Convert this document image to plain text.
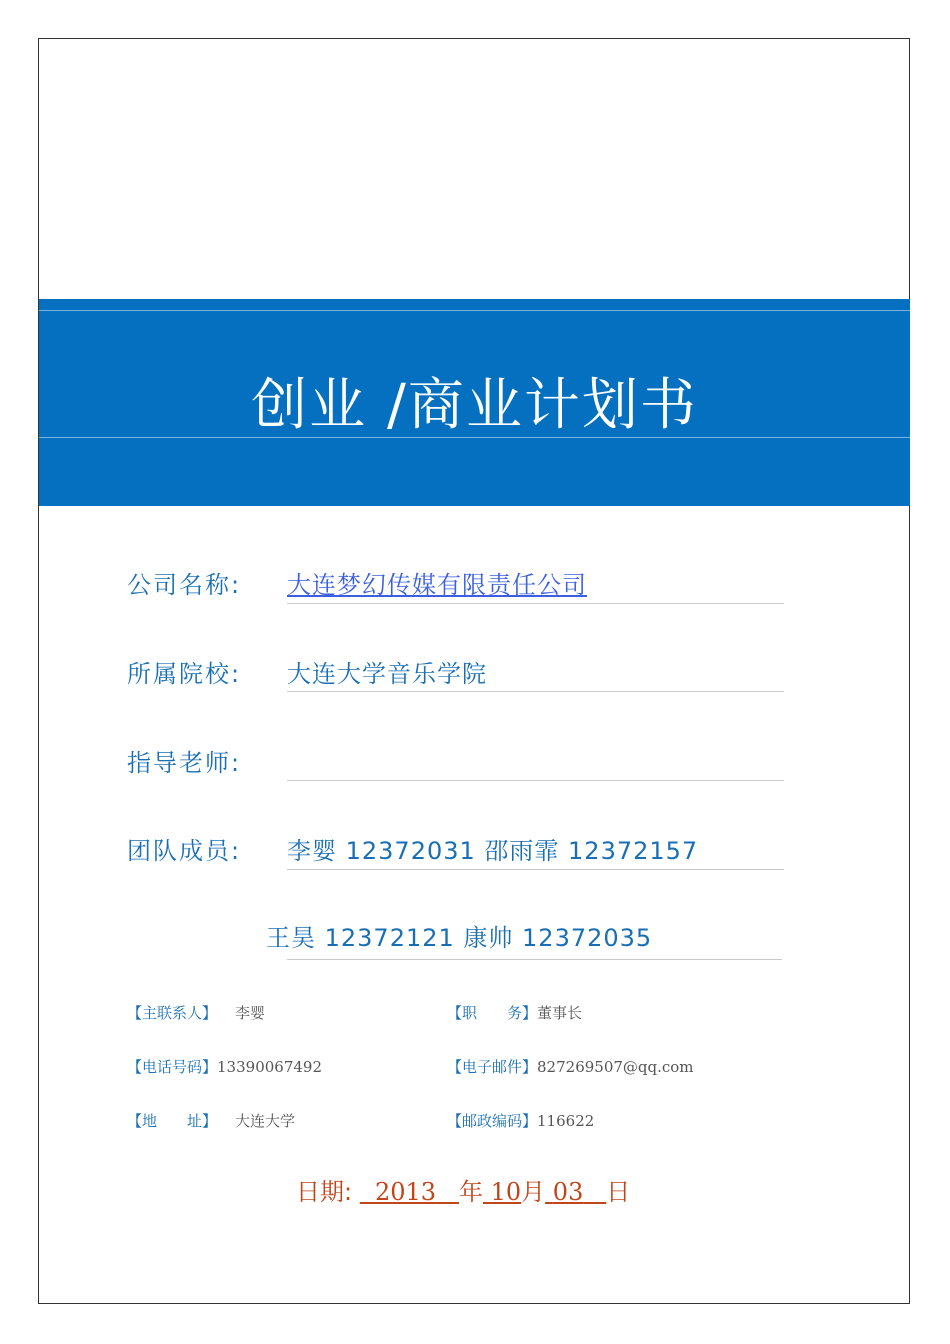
创业 /商业计划书
公司名称: 大连梦幻传媒有限责任公司
所属院校: 大连大学音乐学院
指导老师:
团队成员: 李婴 12372031 邵雨霏 12372157
王昊 12372121 康帅 12372035
【主联系人】 李婴	【职　　务】董事长
【电话号码】13390067492	【电子邮件】827269507@qq.com
【地　　址】 大连大学	【邮政编码】116622
日期: 2013 年 10月 03 日
